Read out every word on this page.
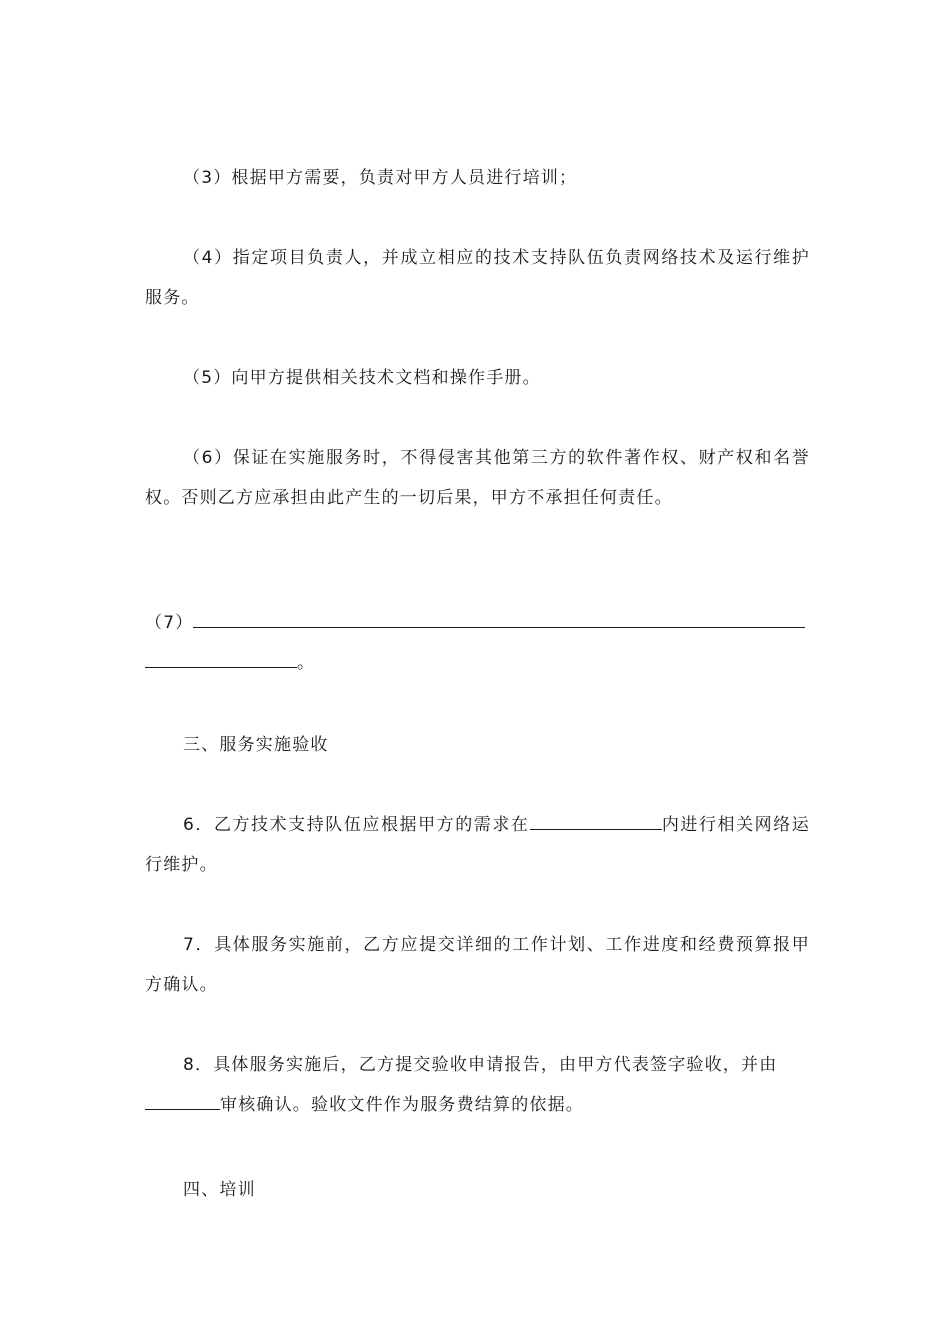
（3）根据甲方需要，负责对甲方人员进行培训；

（4）指定项目负责人，并成立相应的技术支持队伍负责网络技术及运行维护服务。

（5）向甲方提供相关技术文档和操作手册。

（6）保证在实施服务时，不得侵害其他第三方的软件著作权、财产权和名誉权。否则乙方应承担由此产生的一切后果，甲方不承担任何责任。

（7）
。

三、服务实施验收

6．乙方技术支持队伍应根据甲方的需求在	内进行相关网络运行维护。

7．具体服务实施前，乙方应提交详细的工作计划、工作进度和经费预算报甲方确认。

8．具体服务实施后，乙方提交验收申请报告，由甲方代表签字验收，并由

审核确认。验收文件作为服务费结算的依据。

四、培训
